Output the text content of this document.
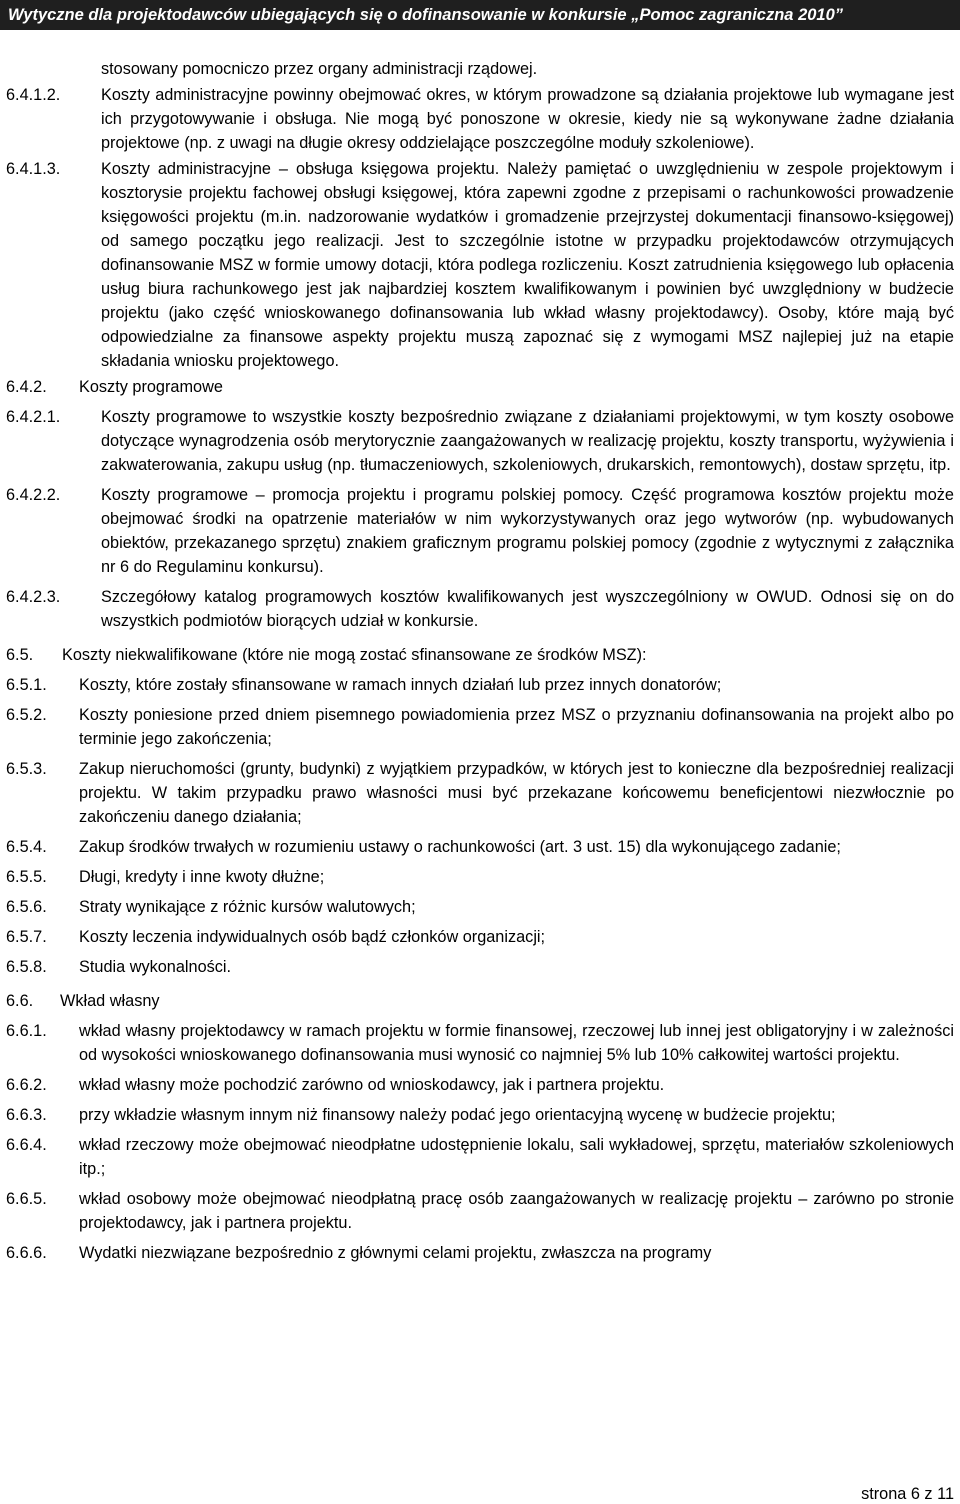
Wytyczne dla projektodawców ubiegających się o dofinansowanie w konkursie „Pomoc zagraniczna 2010”
stosowany pomocniczo przez organy administracji rządowej.
6.4.1.2.	Koszty administracyjne powinny obejmować okres, w którym prowadzone są działania projektowe lub wymagane jest ich przygotowywanie i obsługa. Nie mogą być ponoszone w okresie, kiedy nie są wykonywane żadne działania projektowe (np. z uwagi na długie okresy oddzielające poszczególne moduły szkoleniowe).
6.4.1.3.	Koszty administracyjne – obsługa księgowa projektu. Należy pamiętać o uwzględnieniu w zespole projektowym i kosztorysie projektu fachowej obsługi księgowej, która zapewni zgodne z przepisami o rachunkowości prowadzenie księgowości projektu (m.in. nadzorowanie wydatków i gromadzenie przejrzystej dokumentacji finansowo-księgowej) od samego początku jego realizacji. Jest to szczególnie istotne w przypadku projektodawców otrzymujących dofinansowanie MSZ w formie umowy dotacji, która podlega rozliczeniu. Koszt zatrudnienia księgowego lub opłacenia usług biura rachunkowego jest jak najbardziej kosztem kwalifikowanym i powinien być uwzględniony w budżecie projektu (jako część wnioskowanego dofinansowania lub wkład własny projektodawcy). Osoby, które mają być odpowiedzialne za finansowe aspekty projektu muszą zapoznać się z wymogami MSZ najlepiej już na etapie składania wniosku projektowego.
6.4.2.	Koszty programowe
6.4.2.1.	Koszty programowe to wszystkie koszty bezpośrednio związane z działaniami projektowymi, w tym koszty osobowe dotyczące wynagrodzenia osób merytorycznie zaangażowanych w realizację projektu, koszty transportu, wyżywienia i zakwaterowania, zakupu usług (np. tłumaczeniowych, szkoleniowych, drukarskich, remontowych), dostaw sprzętu, itp.
6.4.2.2.	Koszty programowe – promocja projektu i programu polskiej pomocy. Część programowa kosztów projektu może obejmować środki na opatrzenie materiałów w nim wykorzystywanych oraz jego wytworów (np. wybudowanych obiektów, przekazanego sprzętu) znakiem graficznym programu polskiej pomocy (zgodnie z wytycznymi z załącznika nr 6 do Regulaminu konkursu).
6.4.2.3.	Szczegółowy katalog programowych kosztów kwalifikowanych jest wyszczególniony w OWUD. Odnosi się on do wszystkich podmiotów biorących udział w konkursie.
6.5.	Koszty niekwalifikowane (które nie mogą zostać sfinansowane ze środków MSZ):
6.5.1.	Koszty, które zostały sfinansowane w ramach innych działań lub przez innych donatorów;
6.5.2.	Koszty poniesione przed dniem pisemnego powiadomienia przez MSZ o przyznaniu dofinansowania na projekt albo po terminie jego zakończenia;
6.5.3.	Zakup nieruchomości (grunty, budynki) z wyjątkiem przypadków, w których jest to konieczne dla bezpośredniej realizacji projektu. W takim przypadku prawo własności musi być przekazane końcowemu beneficjentowi niezwłocznie po zakończeniu danego działania;
6.5.4.	Zakup środków trwałych w rozumieniu ustawy o rachunkowości (art. 3 ust. 15) dla wykonującego zadanie;
6.5.5.	Długi, kredyty i inne kwoty dłużne;
6.5.6.	Straty wynikające z różnic kursów walutowych;
6.5.7.	Koszty leczenia indywidualnych osób bądź członków organizacji;
6.5.8.	Studia wykonalności.
6.6.	Wkład własny
6.6.1.	wkład własny projektodawcy w ramach projektu w formie finansowej, rzeczowej lub innej jest obligatoryjny i w zależności od wysokości wnioskowanego dofinansowania musi wynosić co najmniej 5% lub 10% całkowitej wartości projektu.
6.6.2.	wkład własny może pochodzić zarówno od wnioskodawcy, jak i partnera projektu.
6.6.3.	przy wkładzie własnym innym niż finansowy należy podać jego orientacyjną wycenę w budżecie projektu;
6.6.4.	wkład rzeczowy może obejmować nieodpłatne udostępnienie lokalu, sali wykładowej, sprzętu, materiałów szkoleniowych itp.;
6.6.5.	wkład osobowy może obejmować nieodpłatną pracę osób zaangażowanych w realizację projektu – zarówno po stronie projektodawcy, jak i partnera projektu.
6.6.6.	Wydatki niezwiązane bezpośrednio z głównymi celami projektu, zwłaszcza na programy
strona 6 z 11
